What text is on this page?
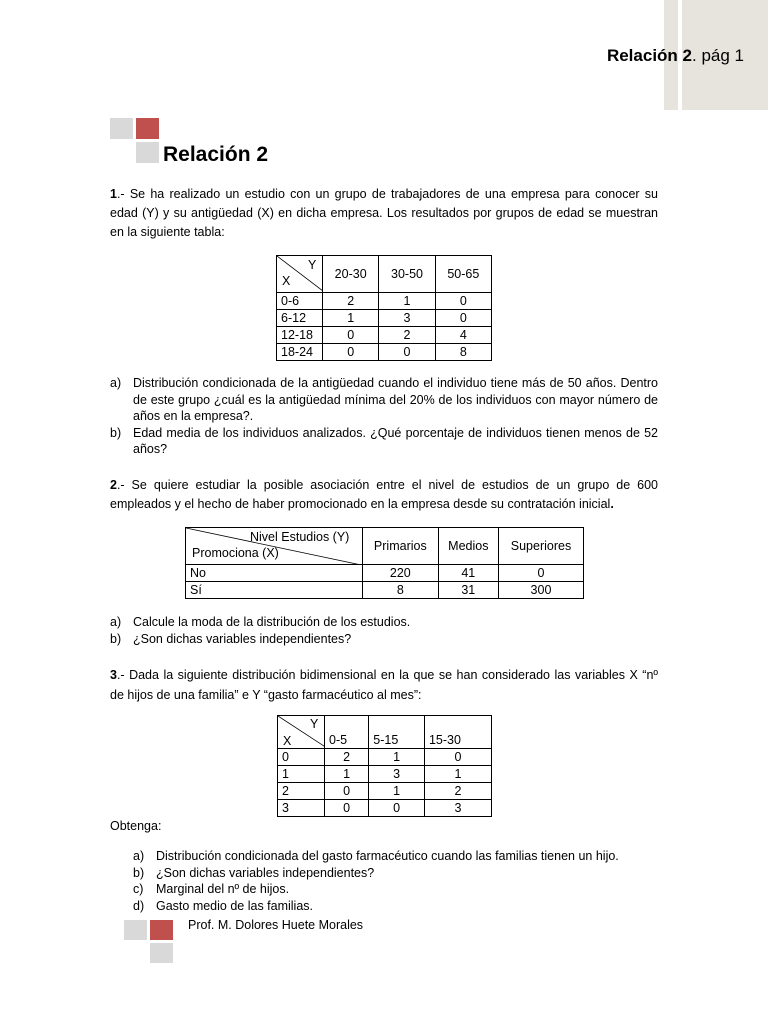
Relación 2. pág 1
Relación 2
1.- Se ha realizado un estudio con un grupo de trabajadores de una empresa para conocer su edad (Y) y su antigüedad (X) en dicha empresa. Los resultados por grupos de edad se muestran en la siguiente tabla:
Y
X	20-30	30-50	50-65
0-6	2	1	0
6-12	1	3	0
12-18	0	2	4
18-24	0	0	8
a) Distribución condicionada de la antigüedad cuando el individuo tiene más de 50 años. Dentro de este grupo ¿cuál es la antigüedad mínima del 20% de los individuos con mayor número de años en la empresa?.
b) Edad media de los individuos analizados. ¿Qué porcentaje de individuos tienen menos de 52 años?
2.- Se quiere estudiar la posible asociación entre el nivel de estudios de un grupo de 600 empleados y el hecho de haber promocionado en la empresa desde su contratación inicial.
Nivel Estudios (Y)
Promociona (X)	Primarios	Medios	Superiores
No	220	41	0
Sí	8	31	300
a) Calcule la moda de la distribución de los estudios.
b) ¿Son dichas variables independientes?
3.- Dada la siguiente distribución bidimensional en la que se han considerado las variables X “nº de hijos de una familia” e Y “gasto farmacéutico al mes”:
Y
X	0-5	5-15	15-30
0	2	1	0
1	1	3	1
2	0	1	2
3	0	0	3
Obtenga:
a) Distribución condicionada del gasto farmacéutico cuando las familias tienen un hijo.
b) ¿Son dichas variables independientes?
c) Marginal del nº de hijos.
d) Gasto medio de las familias.
Prof. M. Dolores Huete Morales
